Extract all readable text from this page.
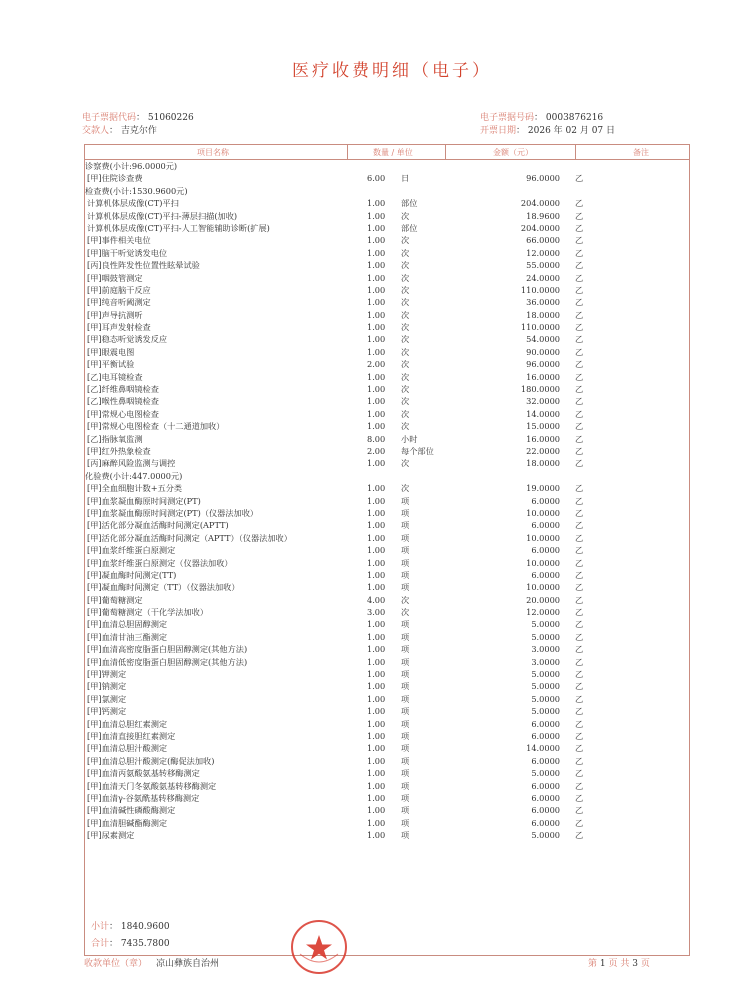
医疗收费明细（电子）
电子票据代码： 51060226
交款人： 吉克尔作
电子票据号码： 0003876216
开票日期： 2026 年 02 月 07 日
项目名称	数量 / 单位	金额（元）	备注
诊察费(小计:96.0000元)
[甲]住院诊查费	6.00 日	96.0000 乙
检查费(小计:1530.9600元)
计算机体层成像(CT)平扫	1.00 部位	204.0000 乙
计算机体层成像(CT)平扫-薄层扫描(加收)	1.00 次	18.9600 乙
计算机体层成像(CT)平扫-人工智能辅助诊断(扩展)	1.00 部位	204.0000 乙
[甲]事件相关电位	1.00 次	66.0000 乙
[甲]脑干听觉诱发电位	1.00 次	12.0000 乙
[丙]良性阵发性位置性眩晕试验	1.00 次	55.0000 乙
[甲]咽鼓管测定	1.00 次	24.0000 乙
[甲]前庭脑干反应	1.00 次	110.0000 乙
[甲]纯音听阈测定	1.00 次	36.0000 乙
[甲]声导抗测听	1.00 次	18.0000 乙
[甲]耳声发射检查	1.00 次	110.0000 乙
[甲]稳态听觉诱发反应	1.00 次	54.0000 乙
[甲]眼震电图	1.00 次	90.0000 乙
[甲]平衡试验	2.00 次	96.0000 乙
[乙]电耳镜检查	1.00 次	16.0000 乙
[乙]纤维鼻咽镜检查	1.00 次	180.0000 乙
[乙]喉性鼻咽镜检查	1.00 次	32.0000 乙
[甲]常规心电图检查	1.00 次	14.0000 乙
[甲]常规心电图检查（十二通道加收）	1.00 次	15.0000 乙
[乙]指脉氧监测	8.00 小时	16.0000 乙
[甲]红外热象检查	2.00 每个部位	22.0000 乙
[丙]麻醉风险监测与调控	1.00 次	18.0000 乙
化验费(小计:447.0000元)
[甲]全血细胞计数+五分类	1.00 次	19.0000 乙
[甲]血浆凝血酶原时间测定(PT)	1.00 项	6.0000 乙
[甲]血浆凝血酶原时间测定(PT)（仪器法加收）	1.00 项	10.0000 乙
[甲]活化部分凝血活酶时间测定(APTT)	1.00 项	6.0000 乙
[甲]活化部分凝血活酶时间测定（APTT）（仪器法加收）	1.00 项	10.0000 乙
[甲]血浆纤维蛋白原测定	1.00 项	6.0000 乙
[甲]血浆纤维蛋白原测定（仪器法加收）	1.00 项	10.0000 乙
[甲]凝血酶时间测定(TT)	1.00 项	6.0000 乙
[甲]凝血酶时间测定（TT）（仪器法加收）	1.00 项	10.0000 乙
[甲]葡萄糖测定	4.00 次	20.0000 乙
[甲]葡萄糖测定（干化学法加收）	3.00 次	12.0000 乙
[甲]血清总胆固醇测定	1.00 项	5.0000 乙
[甲]血清甘油三酯测定	1.00 项	5.0000 乙
[甲]血清高密度脂蛋白胆固醇测定(其他方法)	1.00 项	3.0000 乙
[甲]血清低密度脂蛋白胆固醇测定(其他方法)	1.00 项	3.0000 乙
[甲]钾测定	1.00 项	5.0000 乙
[甲]钠测定	1.00 项	5.0000 乙
[甲]氯测定	1.00 项	5.0000 乙
[甲]钙测定	1.00 项	5.0000 乙
[甲]血清总胆红素测定	1.00 项	6.0000 乙
[甲]血清直接胆红素测定	1.00 项	6.0000 乙
[甲]血清总胆汁酸测定	1.00 项	14.0000 乙
[甲]血清总胆汁酸测定(酶促法加收)	1.00 项	6.0000 乙
[甲]血清丙氨酸氨基转移酶测定	1.00 项	5.0000 乙
[甲]血清天门冬氨酸氨基转移酶测定	1.00 项	6.0000 乙
[甲]血清γ-谷氨酰基转移酶测定	1.00 项	6.0000 乙
[甲]血清碱性磷酸酶测定	1.00 项	6.0000 乙
[甲]血清胆碱酯酶测定	1.00 项	6.0000 乙
[甲]尿素测定	1.00 项	5.0000 乙
小计： 1840.9600
合计： 7435.7800
收款单位（章） 凉山彝族自治州	第 1 页 共 3 页
